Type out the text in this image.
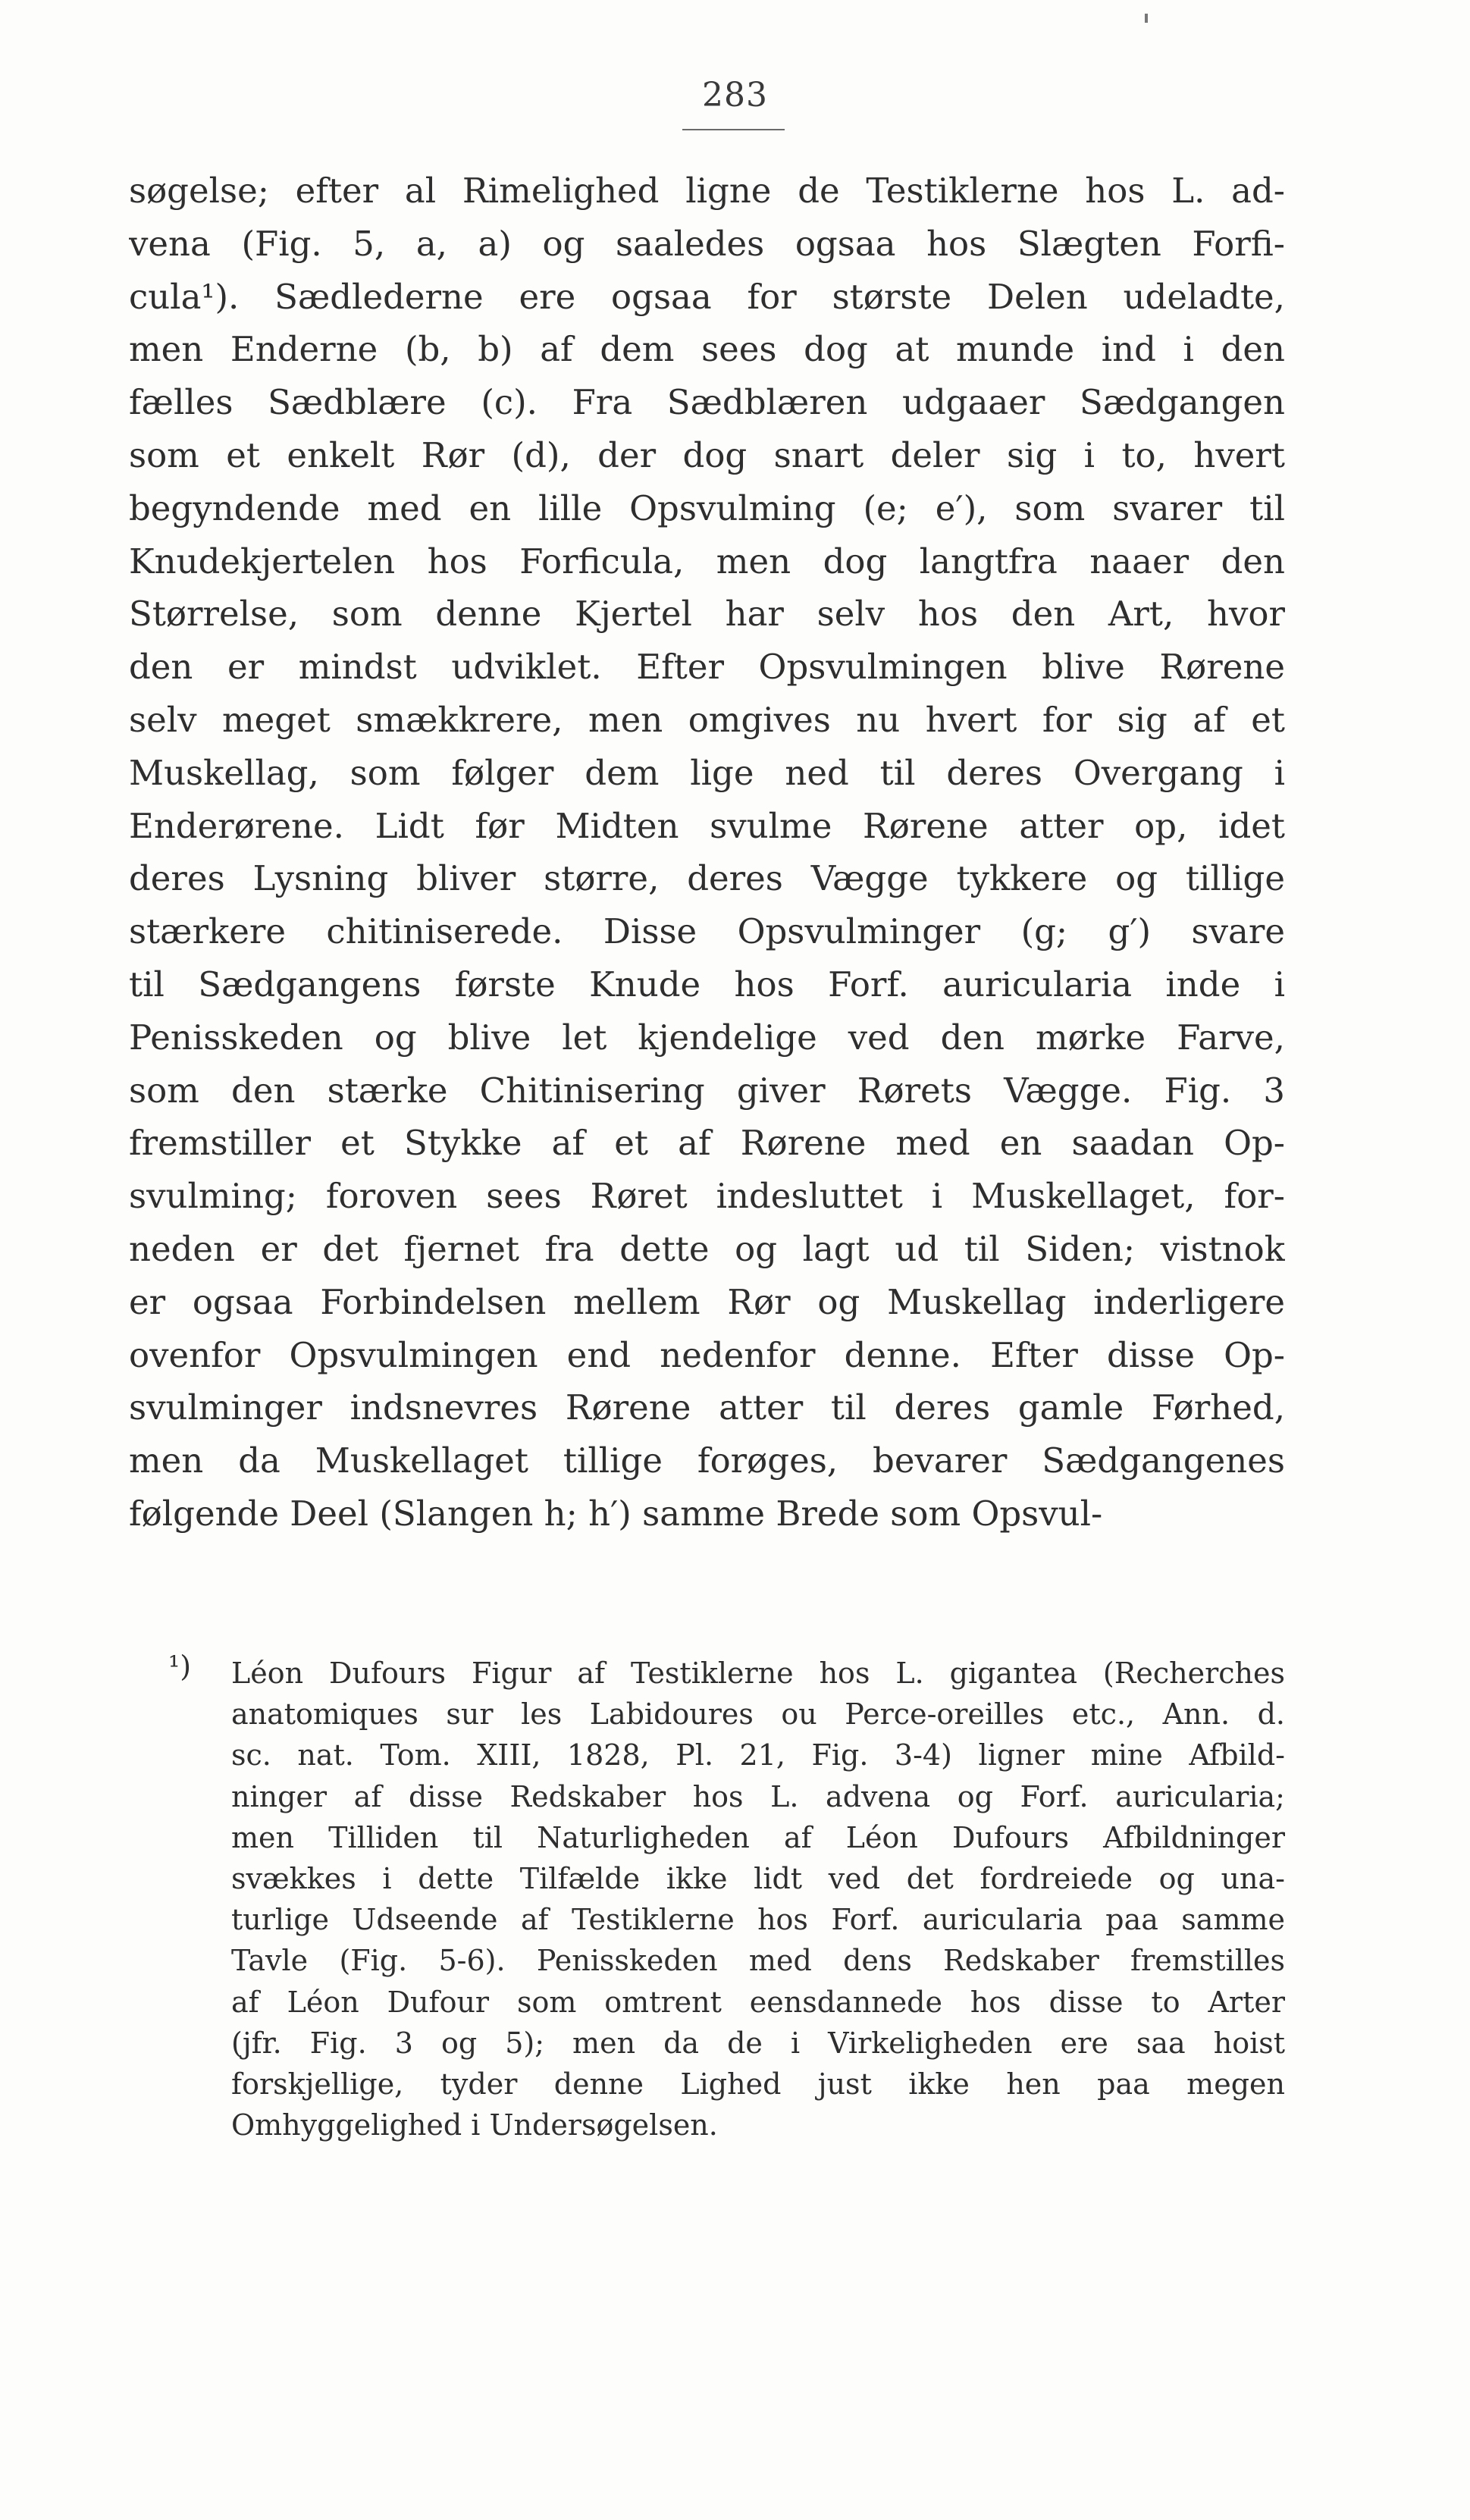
283
søgelse; efter al Rimelighed ligne de Testiklerne hos L. ad-
vena (Fig. 5, a, a) og saaledes ogsaa hos Slægten Forfi-
cula¹). Sædlederne ere ogsaa for største Delen udeladte,
men Enderne (b, b) af dem sees dog at munde ind i den
fælles Sædblære (c). Fra Sædblæren udgaaer Sædgangen
som et enkelt Rør (d), der dog snart deler sig i to, hvert
begyndende med en lille Opsvulming (e; e′), som svarer til
Knudekjertelen hos Forficula, men dog langtfra naaer den
Størrelse, som denne Kjertel har selv hos den Art, hvor
den er mindst udviklet. Efter Opsvulmingen blive Rørene
selv meget smækkrere, men omgives nu hvert for sig af et
Muskellag, som følger dem lige ned til deres Overgang i
Enderørene. Lidt før Midten svulme Rørene atter op, idet
deres Lysning bliver større, deres Vægge tykkere og tillige
stærkere chitiniserede. Disse Opsvulminger (g; g′) svare
til Sædgangens første Knude hos Forf. auricularia inde i
Penisskeden og blive let kjendelige ved den mørke Farve,
som den stærke Chitinisering giver Rørets Vægge. Fig. 3
fremstiller et Stykke af et af Rørene med en saadan Op-
svulming; foroven sees Røret indesluttet i Muskellaget, for-
neden er det fjernet fra dette og lagt ud til Siden; vistnok
er ogsaa Forbindelsen mellem Rør og Muskellag inderligere
ovenfor Opsvulmingen end nedenfor denne. Efter disse Op-
svulminger indsnevres Rørene atter til deres gamle Førhed,
men da Muskellaget tillige forøges, bevarer Sædgangenes
følgende Deel (Slangen h; h′) samme Brede som Opsvul-
¹) Léon Dufours Figur af Testiklerne hos L. gigantea (Recherches
anatomiques sur les Labidoures ou Perce-oreilles etc., Ann. d.
sc. nat. Tom. XIII, 1828, Pl. 21, Fig. 3-4) ligner mine Afbild-
ninger af disse Redskaber hos L. advena og Forf. auricularia;
men Tilliden til Naturligheden af Léon Dufours Afbildninger
svækkes i dette Tilfælde ikke lidt ved det fordreiede og una-
turlige Udseende af Testiklerne hos Forf. auricularia paa samme
Tavle (Fig. 5-6). Penisskeden med dens Redskaber fremstilles
af Léon Dufour som omtrent eensdannede hos disse to Arter
(jfr. Fig. 3 og 5); men da de i Virkeligheden ere saa hoist
forskjellige, tyder denne Lighed just ikke hen paa megen
Omhyggelighed i Undersøgelsen.
